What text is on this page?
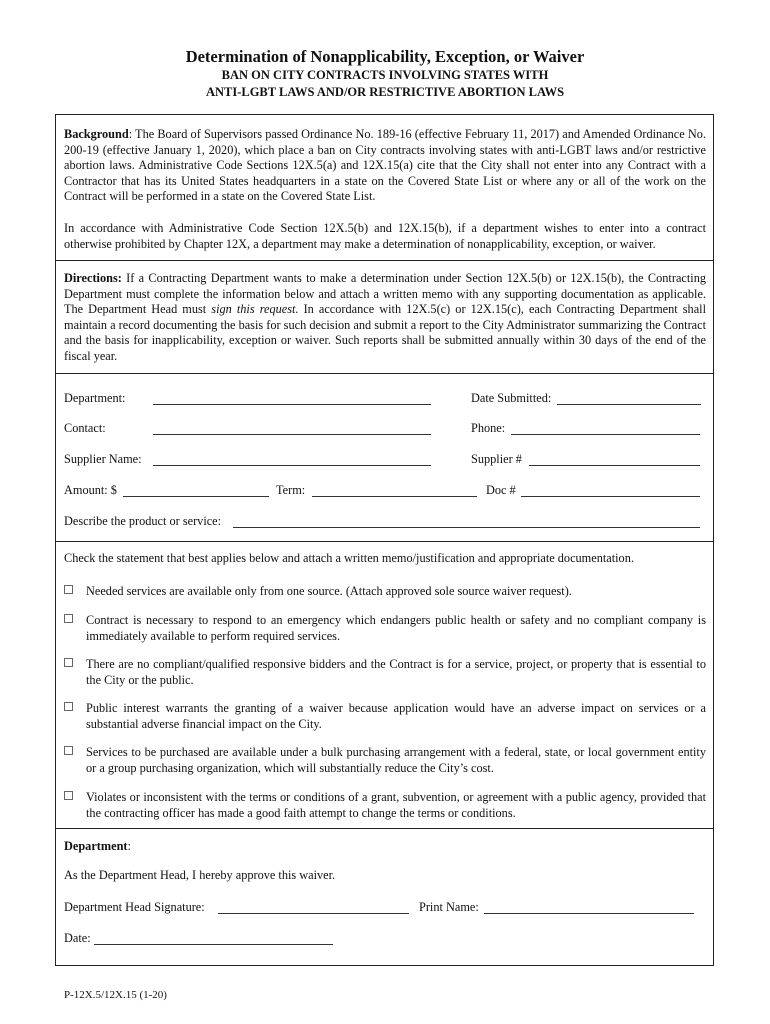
Determination of Nonapplicability, Exception, or Waiver
BAN ON CITY CONTRACTS INVOLVING STATES WITH
ANTI-LGBT LAWS AND/OR RESTRICTIVE ABORTION LAWS
Background: The Board of Supervisors passed Ordinance No. 189-16 (effective February 11, 2017) and Amended Ordinance No. 200-19 (effective January 1, 2020), which place a ban on City contracts involving states with anti-LGBT laws and/or restrictive abortion laws. Administrative Code Sections 12X.5(a) and 12X.15(a) cite that the City shall not enter into any Contract with a Contractor that has its United States headquarters in a state on the Covered State List or where any or all of the work on the Contract will be performed in a state on the Covered State List.
In accordance with Administrative Code Section 12X.5(b) and 12X.15(b), if a department wishes to enter into a contract otherwise prohibited by Chapter 12X, a department may make a determination of nonapplicability, exception, or waiver.
Directions: If a Contracting Department wants to make a determination under Section 12X.5(b) or 12X.15(b), the Contracting Department must complete the information below and attach a written memo with any supporting documentation as applicable. The Department Head must sign this request. In accordance with 12X.5(c) or 12X.15(c), each Contracting Department shall maintain a record documenting the basis for such decision and submit a report to the City Administrator summarizing the Contract and the basis for inapplicability, exception or waiver. Such reports shall be submitted annually within 30 days of the end of the fiscal year.
Department:	Date Submitted:
Contact:	Phone:
Supplier Name:	Supplier #
Amount: $	Term:	Doc #
Describe the product or service:
Check the statement that best applies below and attach a written memo/justification and appropriate documentation.
Needed services are available only from one source. (Attach approved sole source waiver request).
Contract is necessary to respond to an emergency which endangers public health or safety and no compliant company is immediately available to perform required services.
There are no compliant/qualified responsive bidders and the Contract is for a service, project, or property that is essential to the City or the public.
Public interest warrants the granting of a waiver because application would have an adverse impact on services or a substantial adverse financial impact on the City.
Services to be purchased are available under a bulk purchasing arrangement with a federal, state, or local government entity or a group purchasing organization, which will substantially reduce the City’s cost.
Violates or inconsistent with the terms or conditions of a grant, subvention, or agreement with a public agency, provided that the contracting officer has made a good faith attempt to change the terms or conditions.
Department:
As the Department Head, I hereby approve this waiver.
Department Head Signature:	Print Name:
Date:
P-12X.5/12X.15 (1-20)
